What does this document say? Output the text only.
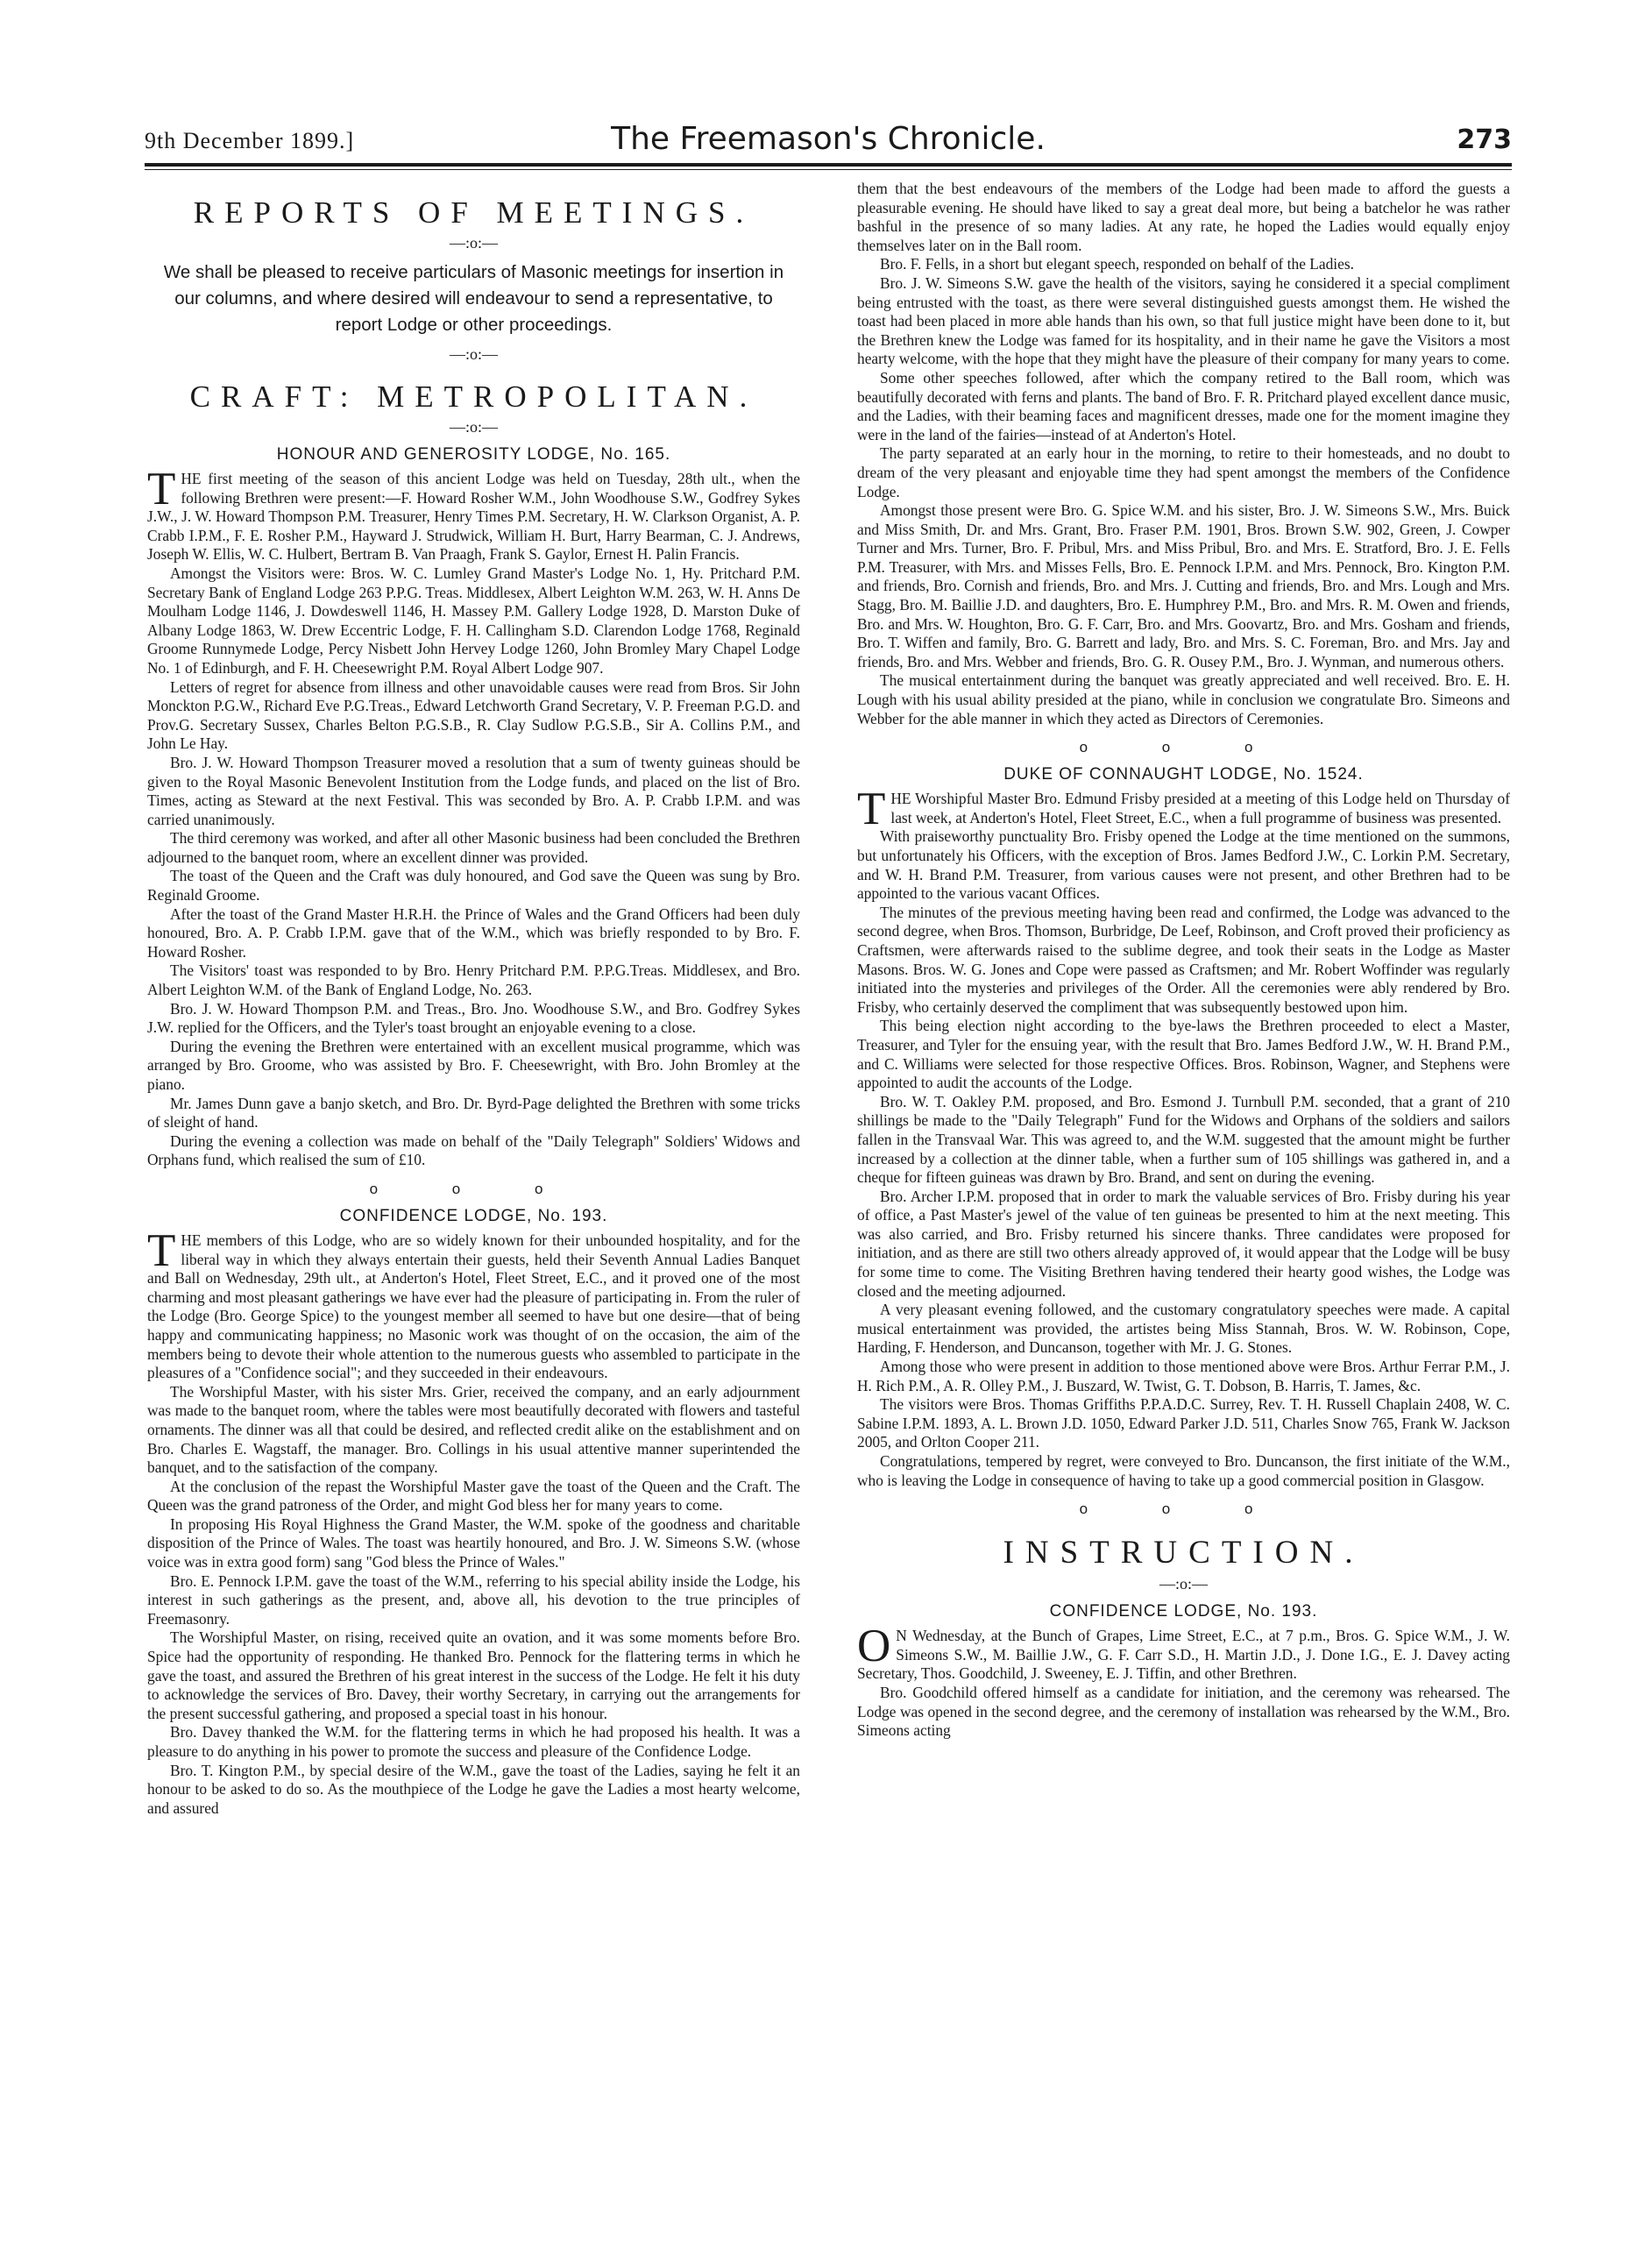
9th December 1899.]	The Freemason's Chronicle.	273
REPORTS OF MEETINGS.
—:o:—
We shall be pleased to receive particulars of Masonic meetings for insertion in our columns, and where desired will endeavour to send a representative, to report Lodge or other proceedings.
—:o:—
CRAFT: METROPOLITAN.
—:o:—
HONOUR AND GENEROSITY LODGE, No. 165.

THE first meeting of the season of this ancient Lodge was held on Tuesday, 28th ult., when the following Brethren were present:—F. Howard Rosher W.M., John Woodhouse S.W., Godfrey Sykes J.W., J. W. Howard Thompson P.M. Treasurer, Henry Times P.M. Secretary, H. W. Clarkson Organist, A. P. Crabb I.P.M., F. E. Rosher P.M., Hayward J. Strudwick, William H. Burt, Harry Bearman, C. J. Andrews, Joseph W. Ellis, W. C. Hulbert, Bertram B. Van Praagh, Frank S. Gaylor, Ernest H. Palin Francis.

Amongst the Visitors were: Bros. W. C. Lumley Grand Master's Lodge No. 1, Hy. Pritchard P.M. Secretary Bank of England Lodge 263 P.P.G. Treas. Middlesex, Albert Leighton W.M. 263, W. H. Anns De Moulham Lodge 1146, J. Dowdeswell 1146, H. Massey P.M. Gallery Lodge 1928, D. Marston Duke of Albany Lodge 1863, W. Drew Eccentric Lodge, F. H. Callingham S.D. Clarendon Lodge 1768, Reginald Groome Runnymede Lodge, Percy Nisbett John Hervey Lodge 1260, John Bromley Mary Chapel Lodge No. 1 of Edinburgh, and F. H. Cheesewright P.M. Royal Albert Lodge 907.

Letters of regret for absence from illness and other unavoidable causes were read from Bros. Sir John Monckton P.G.W., Richard Eve P.G.Treas., Edward Letchworth Grand Secretary, V. P. Freeman P.G.D. and Prov.G. Secretary Sussex, Charles Belton P.G.S.B., R. Clay Sudlow P.G.S.B., Sir A. Collins P.M., and John Le Hay.

Bro. J. W. Howard Thompson Treasurer moved a resolution that a sum of twenty guineas should be given to the Royal Masonic Benevolent Institution from the Lodge funds, and placed on the list of Bro. Times, acting as Steward at the next Festival. This was seconded by Bro. A. P. Crabb I.P.M. and was carried unanimously.

The third ceremony was worked, and after all other Masonic business had been concluded the Brethren adjourned to the banquet room, where an excellent dinner was provided.

The toast of the Queen and the Craft was duly honoured, and God save the Queen was sung by Bro. Reginald Groome.

After the toast of the Grand Master H.R.H. the Prince of Wales and the Grand Officers had been duly honoured, Bro. A. P. Crabb I.P.M. gave that of the W.M., which was briefly responded to by Bro. F. Howard Rosher.

The Visitors' toast was responded to by Bro. Henry Pritchard P.M. P.P.G.Treas. Middlesex, and Bro. Albert Leighton W.M. of the Bank of England Lodge, No. 263.

Bro. J. W. Howard Thompson P.M. and Treas., Bro. Jno. Woodhouse S.W., and Bro. Godfrey Sykes J.W. replied for the Officers, and the Tyler's toast brought an enjoyable evening to a close.

During the evening the Brethren were entertained with an excellent musical programme, which was arranged by Bro. Groome, who was assisted by Bro. F. Cheesewright, with Bro. John Bromley at the piano.

Mr. James Dunn gave a banjo sketch, and Bro. Dr. Byrd-Page delighted the Brethren with some tricks of sleight of hand.

During the evening a collection was made on behalf of the "Daily Telegraph" Soldiers' Widows and Orphans fund, which realised the sum of £10.

o o o
CONFIDENCE LODGE, No. 193.

THE members of this Lodge, who are so widely known for their unbounded hospitality, and for the liberal way in which they always entertain their guests, held their Seventh Annual Ladies Banquet and Ball on Wednesday, 29th ult., at Anderton's Hotel, Fleet Street, E.C., and it proved one of the most charming and most pleasant gatherings we have ever had the pleasure of participating in. From the ruler of the Lodge (Bro. George Spice) to the youngest member all seemed to have but one desire—that of being happy and communicating happiness; no Masonic work was thought of on the occasion, the aim of the members being to devote their whole attention to the numerous guests who assembled to participate in the pleasures of a "Confidence social"; and they succeeded in their endeavours.

The Worshipful Master, with his sister Mrs. Grier, received the company, and an early adjournment was made to the banquet room, where the tables were most beautifully decorated with flowers and tasteful ornaments. The dinner was all that could be desired, and reflected credit alike on the establishment and on Bro. Charles E. Wagstaff, the manager. Bro. Collings in his usual attentive manner superintended the banquet, and to the satisfaction of the company.

At the conclusion of the repast the Worshipful Master gave the toast of the Queen and the Craft. The Queen was the grand patroness of the Order, and might God bless her for many years to come.

In proposing His Royal Highness the Grand Master, the W.M. spoke of the goodness and charitable disposition of the Prince of Wales. The toast was heartily honoured, and Bro. J. W. Simeons S.W. (whose voice was in extra good form) sang "God bless the Prince of Wales."

Bro. E. Pennock I.P.M. gave the toast of the W.M., referring to his special ability inside the Lodge, his interest in such gatherings as the present, and, above all, his devotion to the true principles of Freemasonry.

The Worshipful Master, on rising, received quite an ovation, and it was some moments before Bro. Spice had the opportunity of responding. He thanked Bro. Pennock for the flattering terms in which he gave the toast, and assured the Brethren of his great interest in the success of the Lodge. He felt it his duty to acknowledge the services of Bro. Davey, their worthy Secretary, in carrying out the arrangements for the present successful gathering, and proposed a special toast in his honour.

Bro. Davey thanked the W.M. for the flattering terms in which he had proposed his health. It was a pleasure to do anything in his power to promote the success and pleasure of the Confidence Lodge.

Bro. T. Kington P.M., by special desire of the W.M., gave the toast of the Ladies, saying he felt it an honour to be asked to do so. As the mouthpiece of the Lodge he gave the Ladies a most hearty welcome, and assured

them that the best endeavours of the members of the Lodge had been made to afford the guests a pleasurable evening. He should have liked to say a great deal more, but being a batchelor he was rather bashful in the presence of so many ladies. At any rate, he hoped the Ladies would equally enjoy themselves later on in the Ball room.

Bro. F. Fells, in a short but elegant speech, responded on behalf of the Ladies.

Bro. J. W. Simeons S.W. gave the health of the visitors, saying he considered it a special compliment being entrusted with the toast, as there were several distinguished guests amongst them. He wished the toast had been placed in more able hands than his own, so that full justice might have been done to it, but the Brethren knew the Lodge was famed for its hospitality, and in their name he gave the Visitors a most hearty welcome, with the hope that they might have the pleasure of their company for many years to come.

Some other speeches followed, after which the company retired to the Ball room, which was beautifully decorated with ferns and plants. The band of Bro. F. R. Pritchard played excellent dance music, and the Ladies, with their beaming faces and magnificent dresses, made one for the moment imagine they were in the land of the fairies—instead of at Anderton's Hotel.

The party separated at an early hour in the morning, to retire to their homesteads, and no doubt to dream of the very pleasant and enjoyable time they had spent amongst the members of the Confidence Lodge.

Amongst those present were Bro. G. Spice W.M. and his sister, Bro. J. W. Simeons S.W., Mrs. Buick and Miss Smith, Dr. and Mrs. Grant, Bro. Fraser P.M. 1901, Bros. Brown S.W. 902, Green, J. Cowper Turner and Mrs. Turner, Bro. F. Pribul, Mrs. and Miss Pribul, Bro. and Mrs. E. Stratford, Bro. J. E. Fells P.M. Treasurer, with Mrs. and Misses Fells, Bro. E. Pennock I.P.M. and Mrs. Pennock, Bro. Kington P.M. and friends, Bro. Cornish and friends, Bro. and Mrs. J. Cutting and friends, Bro. and Mrs. Lough and Mrs. Stagg, Bro. M. Baillie J.D. and daughters, Bro. E. Humphrey P.M., Bro. and Mrs. R. M. Owen and friends, Bro. and Mrs. W. Houghton, Bro. G. F. Carr, Bro. and Mrs. Goovartz, Bro. and Mrs. Gosham and friends, Bro. T. Wiffen and family, Bro. G. Barrett and lady, Bro. and Mrs. S. C. Foreman, Bro. and Mrs. Jay and friends, Bro. and Mrs. Webber and friends, Bro. G. R. Ousey P.M., Bro. J. Wynman, and numerous others.

The musical entertainment during the banquet was greatly appreciated and well received. Bro. E. H. Lough with his usual ability presided at the piano, while in conclusion we congratulate Bro. Simeons and Webber for the able manner in which they acted as Directors of Ceremonies.

o o o
DUKE OF CONNAUGHT LODGE, No. 1524.

THE Worshipful Master Bro. Edmund Frisby presided at a meeting of this Lodge held on Thursday of last week, at Anderton's Hotel, Fleet Street, E.C., when a full programme of business was presented.

With praiseworthy punctuality Bro. Frisby opened the Lodge at the time mentioned on the summons, but unfortunately his Officers, with the exception of Bros. James Bedford J.W., C. Lorkin P.M. Secretary, and W. H. Brand P.M. Treasurer, from various causes were not present, and other Brethren had to be appointed to the various vacant Offices.

The minutes of the previous meeting having been read and confirmed, the Lodge was advanced to the second degree, when Bros. Thomson, Burbridge, De Leef, Robinson, and Croft proved their proficiency as Craftsmen, were afterwards raised to the sublime degree, and took their seats in the Lodge as Master Masons. Bros. W. G. Jones and Cope were passed as Craftsmen; and Mr. Robert Woffinder was regularly initiated into the mysteries and privileges of the Order. All the ceremonies were ably rendered by Bro. Frisby, who certainly deserved the compliment that was subsequently bestowed upon him.

This being election night according to the bye-laws the Brethren proceeded to elect a Master, Treasurer, and Tyler for the ensuing year, with the result that Bro. James Bedford J.W., W. H. Brand P.M., and C. Williams were selected for those respective Offices. Bros. Robinson, Wagner, and Stephens were appointed to audit the accounts of the Lodge.

Bro. W. T. Oakley P.M. proposed, and Bro. Esmond J. Turnbull P.M. seconded, that a grant of 210 shillings be made to the "Daily Telegraph" Fund for the Widows and Orphans of the soldiers and sailors fallen in the Transvaal War. This was agreed to, and the W.M. suggested that the amount might be further increased by a collection at the dinner table, when a further sum of 105 shillings was gathered in, and a cheque for fifteen guineas was drawn by Bro. Brand, and sent on during the evening.

Bro. Archer I.P.M. proposed that in order to mark the valuable services of Bro. Frisby during his year of office, a Past Master's jewel of the value of ten guineas be presented to him at the next meeting. This was also carried, and Bro. Frisby returned his sincere thanks. Three candidates were proposed for initiation, and as there are still two others already approved of, it would appear that the Lodge will be busy for some time to come. The Visiting Brethren having tendered their hearty good wishes, the Lodge was closed and the meeting adjourned.

A very pleasant evening followed, and the customary congratulatory speeches were made. A capital musical entertainment was provided, the artistes being Miss Stannah, Bros. W. W. Robinson, Cope, Harding, F. Henderson, and Duncanson, together with Mr. J. G. Stones.

Among those who were present in addition to those mentioned above were Bros. Arthur Ferrar P.M., J. H. Rich P.M., A. R. Olley P.M., J. Buszard, W. Twist, G. T. Dobson, B. Harris, T. James, &c.

The visitors were Bros. Thomas Griffiths P.P.A.D.C. Surrey, Rev. T. H. Russell Chaplain 2408, W. C. Sabine I.P.M. 1893, A. L. Brown J.D. 1050, Edward Parker J.D. 511, Charles Snow 765, Frank W. Jackson 2005, and Orlton Cooper 211.

Congratulations, tempered by regret, were conveyed to Bro. Duncanson, the first initiate of the W.M., who is leaving the Lodge in consequence of having to take up a good commercial position in Glasgow.

o o o
INSTRUCTION.
—:o:—
CONFIDENCE LODGE, No. 193.

O N Wednesday, at the Bunch of Grapes, Lime Street, E.C., at 7 p.m., Bros. G. Spice W.M., J. W. Simeons S.W., M. Baillie J.W., G. F. Carr S.D., H. Martin J.D., J. Done I.G., E. J. Davey acting Secretary, Thos. Goodchild, J. Sweeney, E. J. Tiffin, and other Brethren.

Bro. Goodchild offered himself as a candidate for initiation, and the ceremony was rehearsed. The Lodge was opened in the second degree, and the ceremony of installation was rehearsed by the W.M., Bro. Simeons acting
